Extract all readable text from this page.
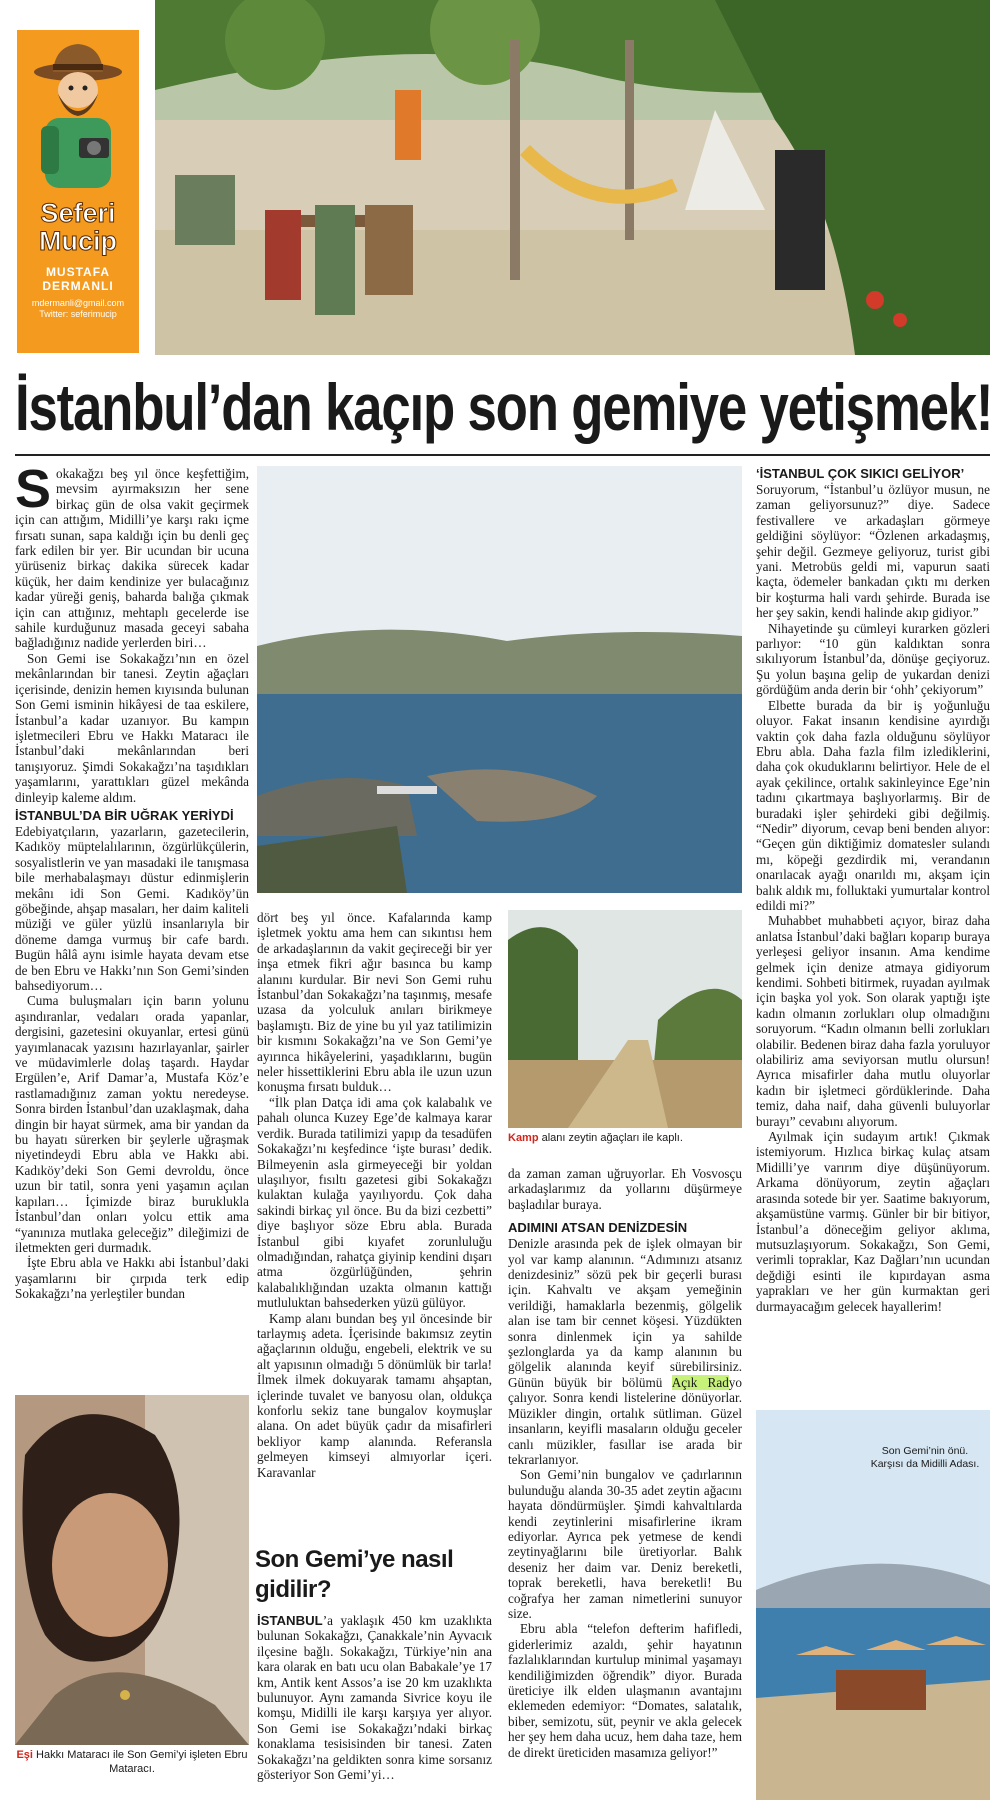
Seferi
Mucip
MUSTAFA
DERMANLI
mdermanli@gmail.com
Twitter: seferimucip
İstanbul’dan kaçıp son gemiye yetişmek!

Sokakağzı beş yıl önce keşfettiğim, mevsim ayırmaksızın her sene birkaç gün de olsa vakit geçirmek için can attığım, Midilli’ye karşı rakı içme fırsatı sunan, sapa kaldığı için bu denli geç fark edilen bir yer. Bir ucundan bir ucuna yürüseniz birkaç dakika sürecek kadar küçük, her daim kendinize yer bulacağınız kadar yüreği geniş, baharda balığa çıkmak için can attığınız, mehtaplı gecelerde ise sahile kurduğunuz masada geceyi sabaha bağladığınız nadide yerlerden biri…

Son Gemi ise Sokakağzı’nın en özel mekânlarından bir tanesi. Zeytin ağaçları içerisinde, denizin hemen kıyısında bulunan Son Gemi isminin hikâyesi de taa eskilere, İstanbul’a kadar uzanıyor. Bu kampın işletmecileri Ebru ve Hakkı Mataracı ile İstanbul’daki mekânlarından beri tanışıyoruz. Şimdi Sokakağzı’na taşıdıkları yaşamlarını, yarattıkları güzel mekânda dinleyip kaleme aldım.

İSTANBUL’DA BİR UĞRAK YERİYDİ

Edebiyatçıların, yazarların, gazetecilerin, Kadıköy müptelalılarının, özgürlükçülerin, sosyalistlerin ve yan masadaki ile tanışmasa bile merhabalaşmayı düstur edinmişlerin mekânı idi Son Gemi. Kadıköy’ün göbeğinde, ahşap masaları, her daim kaliteli müziği ve güler yüzlü insanlarıyla bir döneme damga vurmuş bir cafe bardı. Bugün hâlâ aynı isimle hayata devam etse de ben Ebru ve Hakkı’nın Son Gemi’sinden bahsediyorum…

Cuma buluşmaları için barın yolunu aşındıranlar, vedaları orada yapanlar, dergisini, gazetesini okuyanlar, ertesi günü yayımlanacak yazısını hazırlayanlar, şairler ve müdavimlerle dolaş taşardı. Haydar Ergülen’e, Arif Damar’a, Mustafa Köz’e rastlamadığınız zaman yoktu neredeyse. Sonra birden İstanbul’dan uzaklaşmak, daha dingin bir hayat sürmek, ama bir yandan da bu hayatı sürerken bir şeylerle uğraşmak niyetindeydi Ebru abla ve Hakkı abi. Kadıköy’deki Son Gemi devroldu, önce uzun bir tatil, sonra yeni yaşamın açılan kapıları… İçimizde biraz buruklukla İstanbul’dan onları yolcu ettik ama “yanınıza mutlaka geleceğiz” dileğimizi de iletmekten geri durmadık.

İşte Ebru abla ve Hakkı abi İstanbul’daki yaşamlarını bir çırpıda terk edip Sokakağzı’na yerleştiler bundan

Eşi Hakkı Mataracı ile Son Gemi’yi işleten Ebru Mataracı.

dört beş yıl önce. Kafalarında kamp işletmek yoktu ama hem can sıkıntısı hem de arkadaşlarının da vakit geçireceği bir yer inşa etmek fikri ağır basınca bu kamp alanını kurdular. Bir nevi Son Gemi ruhu İstanbul’dan Sokakağzı’na taşınmış, mesafe uzasa da yolculuk anıları birikmeye başlamıştı. Biz de yine bu yıl yaz tatilimizin bir kısmını Sokakağzı’na ve Son Gemi’ye ayırınca hikâyelerini, yaşadıklarını, bugün neler hissettiklerini Ebru abla ile uzun uzun konuşma fırsatı bulduk…

“İlk plan Datça idi ama çok kalabalık ve pahalı olunca Kuzey Ege’de kalmaya karar verdik. Burada tatilimizi yapıp da tesadüfen Sokakağzı’nı keşfedince ‘işte burası’ dedik. Bilmeyenin asla girmeyeceği bir yoldan ulaşılıyor, fısıltı gazetesi gibi Sokakağzı kulaktan kulağa yayılıyordu. Çok daha sakindi birkaç yıl önce. Bu da bizi cezbetti” diye başlıyor söze Ebru abla. Burada İstanbul gibi kıyafet zorunluluğu olmadığından, rahatça giyinip kendini dışarı atma özgürlüğünden, şehrin kalabalıklığından uzakta olmanın kattığı mutluluktan bahsederken yüzü gülüyor.

Kamp alanı bundan beş yıl öncesinde bir tarlaymış adeta. İçerisinde bakımsız zeytin ağaçlarının olduğu, engebeli, elektrik ve su alt yapısının olmadığı 5 dönümlük bir tarla! İlmek ilmek dokuyarak tamamı ahşaptan, içlerinde tuvalet ve banyosu olan, oldukça konforlu sekiz tane bungalov koymuşlar alana. On adet büyük çadır da misafirleri bekliyor kamp alanında. Referansla gelmeyen kimseyi almıyorlar içeri. Karavanlar

Kamp alanı zeytin ağaçları ile kaplı.

da zaman zaman uğruyorlar. Eh Vosvosçu arkadaşlarımız da yollarını düşürmeye başladılar buraya.

ADIMINI ATSAN DENİZDESİN

Denizle arasında pek de işlek olmayan bir yol var kamp alanının. “Adımınızı atsanız denizdesiniz” sözü pek bir geçerli burası için. Kahvaltı ve akşam yemeğinin verildiği, hamaklarla bezenmiş, gölgelik alan ise tam bir cennet köşesi. Yüzdükten sonra dinlenmek için ya sahilde şezlonglarda ya da kamp alanının bu gölgelik alanında keyif sürebilirsiniz. Günün büyük bir bölümü Açık Radyo çalıyor. Sonra kendi listelerine dönüyorlar. Müzikler dingin, ortalık sütliman. Güzel insanların, keyifli masaların olduğu geceler canlı müzikler, fasıllar ise arada bir tekrarlanıyor.

Son Gemi’nin bungalov ve çadırlarının bulunduğu alanda 30-35 adet zeytin ağacını hayata döndürmüşler. Şimdi kahvaltılarda kendi zeytinlerini misafirlerine ikram ediyorlar. Ayrıca pek yetmese de kendi zeytinyağlarını bile üretiyorlar. Balık deseniz her daim var. Deniz bereketli, toprak bereketli, hava bereketli! Bu coğrafya her zaman nimetlerini sunuyor size.

Ebru abla “telefon defterim hafifledi, giderlerimiz azaldı, şehir hayatının fazlalıklarından kurtulup minimal yaşamayı kendiliğimizden öğrendik” diyor. Burada üreticiye ilk elden ulaşmanın avantajını eklemeden edemiyor: “Domates, salatalık, biber, semizotu, süt, peynir ve akla gelecek her şey hem daha ucuz, hem daha taze, hem de direkt üreticiden masamıza geliyor!”

Son Gemi’ye nasıl gidilir?

İSTANBUL’a yaklaşık 450 km uzaklıkta bulunan Sokakağzı, Çanakkale’nin Ayvacık ilçesine bağlı. Sokakağzı, Türkiye’nin ana kara olarak en batı ucu olan Babakale’ye 17 km, Antik kent Assos’a ise 20 km uzaklıkta bulunuyor. Aynı zamanda Sivrice koyu ile komşu, Midilli ile karşı karşıya yer alıyor. Son Gemi ise Sokakağzı’ndaki birkaç konaklama tesisisinden bir tanesi. Zaten Sokakağzı’na geldikten sonra kime sorsanız gösteriyor Son Gemi’yi…

‘İSTANBUL ÇOK SIKICI GELİYOR’

Soruyorum, “İstanbul’u özlüyor musun, ne zaman geliyorsunuz?” diye. Sadece festivallere ve arkadaşları görmeye geldiğini söylüyor: “Özlenen arkadaşmış, şehir değil. Gezmeye geliyoruz, turist gibi yani. Metrobüs geldi mi, vapurun saati kaçta, ödemeler bankadan çıktı mı derken bir koşturma hali vardı şehirde. Burada ise her şey sakin, kendi halinde akıp gidiyor.”

Nihayetinde şu cümleyi kurarken gözleri parlıyor: “10 gün kaldıktan sonra sıkılıyorum İstanbul’da, dönüşe geçiyoruz. Şu yolun başına gelip de yukardan denizi gördüğüm anda derin bir ‘ohh’ çekiyorum”

Elbette burada da bir iş yoğunluğu oluyor. Fakat insanın kendisine ayırdığı vaktin çok daha fazla olduğunu söylüyor Ebru abla. Daha fazla film izlediklerini, daha çok okuduklarını belirtiyor. Hele de el ayak çekilince, ortalık sakinleyince Ege’nin tadını çıkartmaya başlıyorlarmış. Bir de buradaki işler şehirdeki gibi değilmiş. “Nedir” diyorum, cevap beni benden alıyor: “Geçen gün diktiğimiz domatesler sulandı mı, köpeği gezdirdik mi, verandanın onarılacak ayağı onarıldı mı, akşam için balık aldık mı, folluktaki yumurtalar kontrol edildi mi?”

Muhabbet muhabbeti açıyor, biraz daha anlatsa İstanbul’daki bağları koparıp buraya yerleşesi geliyor insanın. Ama kendime gelmek için denize atmaya gidiyorum kendimi. Sohbeti bitirmek, ruyadan ayılmak için başka yol yok. Son olarak yaptığı işte kadın olmanın zorlukları olup olmadığını soruyorum. “Kadın olmanın belli zorlukları olabilir. Bedenen biraz daha fazla yoruluyor olabiliriz ama seviyorsan mutlu olursun! Ayrıca misafirler daha mutlu oluyorlar kadın bir işletmeci gördüklerinde. Daha temiz, daha naif, daha güvenli buluyorlar burayı” cevabını alıyorum.

Ayılmak için sudayım artık! Çıkmak istemiyorum. Hızlıca birkaç kulaç atsam Midilli’ye varırım diye düşünüyorum. Arkama dönüyorum, zeytin ağaçları arasında sotede bir yer. Saatime bakıyorum, akşamüstüne varmış. Günler bir bir bitiyor, İstanbul’a döneceğim geliyor aklıma, mutsuzlaşıyorum. Sokakağzı, Son Gemi, verimli topraklar, Kaz Dağları’nın ucundan değdiği esinti ile kıpırdayan asma yaprakları ve her gün kurmaktan geri durmayacağım gelecek hayallerim!

Son Gemi’nin önü. Karşısı da Midilli Adası.
